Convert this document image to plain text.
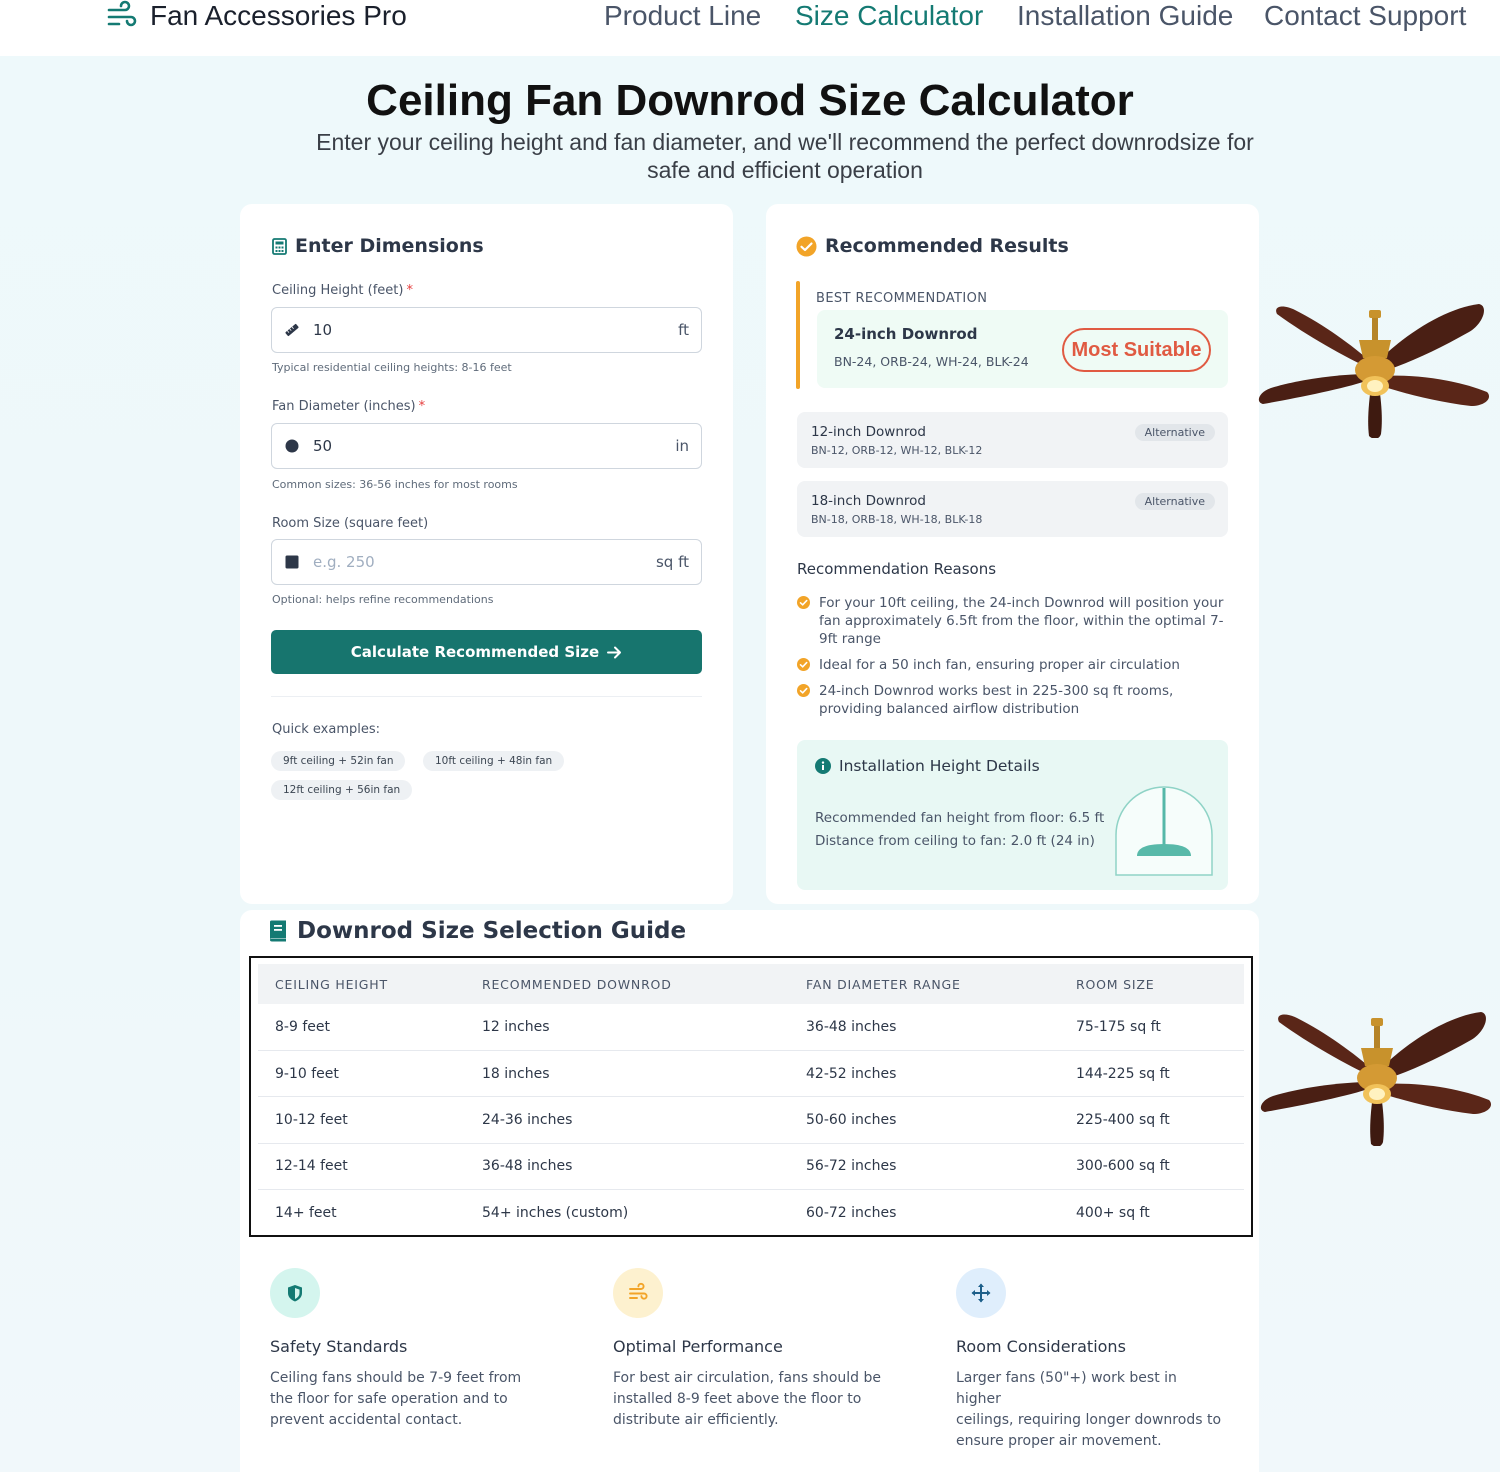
Fan Accessories Pro	Product Line Size Calculator Installation Guide Contact Support
Ceiling Fan Downrod Size Calculator

Enter your ceiling height and fan diameter, and we'll recommend the perfect downrodsize for safe and efficient operation

Enter Dimensions
Ceiling Height (feet) *
10	ft
Typical residential ceiling heights: 8-16 feet
Fan Diameter (inches) *
50	in
Common sizes: 36-56 inches for most rooms
Room Size (square feet)
e.g. 250	sq ft
Optional: helps refine recommendations
Calculate Recommended Size
Quick examples:
9ft ceiling + 52in fan	10ft ceiling + 48in fan
12ft ceiling + 56in fan
Recommended Results
BEST RECOMMENDATION
24-inch Downrod
BN-24, ORB-24, WH-24, BLK-24
Most Suitable
12-inch Downrod
BN-12, ORB-12, WH-12, BLK-12
Alternative
18-inch Downrod
BN-18, ORB-18, WH-18, BLK-18
Alternative
Recommendation Reasons
For your 10ft ceiling, the 24-inch Downrod will position your
fan approximately 6.5ft from the floor, within the optimal 7-
9ft range
Ideal for a 50 inch fan, ensuring proper air circulation
24-inch Downrod works best in 225-300 sq ft rooms,
providing balanced airflow distribution
Installation Height Details
Recommended fan height from floor: 6.5 ft
Distance from ceiling to fan: 2.0 ft (24 in)
Downrod Size Selection Guide
CEILING HEIGHT	RECOMMENDED DOWNROD	FAN DIAMETER RANGE	ROOM SIZE
8-9 feet	12 inches	36-48 inches	75-175 sq ft
9-10 feet	18 inches	42-52 inches	144-225 sq ft
10-12 feet	24-36 inches	50-60 inches	225-400 sq ft
12-14 feet	36-48 inches	56-72 inches	300-600 sq ft
14+ feet	54+ inches (custom)	60-72 inches	400+ sq ft
Safety Standards
Ceiling fans should be 7-9 feet from
the floor for safe operation and to
prevent accidental contact.
Optimal Performance
For best air circulation, fans should be
installed 8-9 feet above the floor to
distribute air efficiently.
Room Considerations
Larger fans (50"+) work best in higher
ceilings, requiring longer downrods to
ensure proper air movement.
